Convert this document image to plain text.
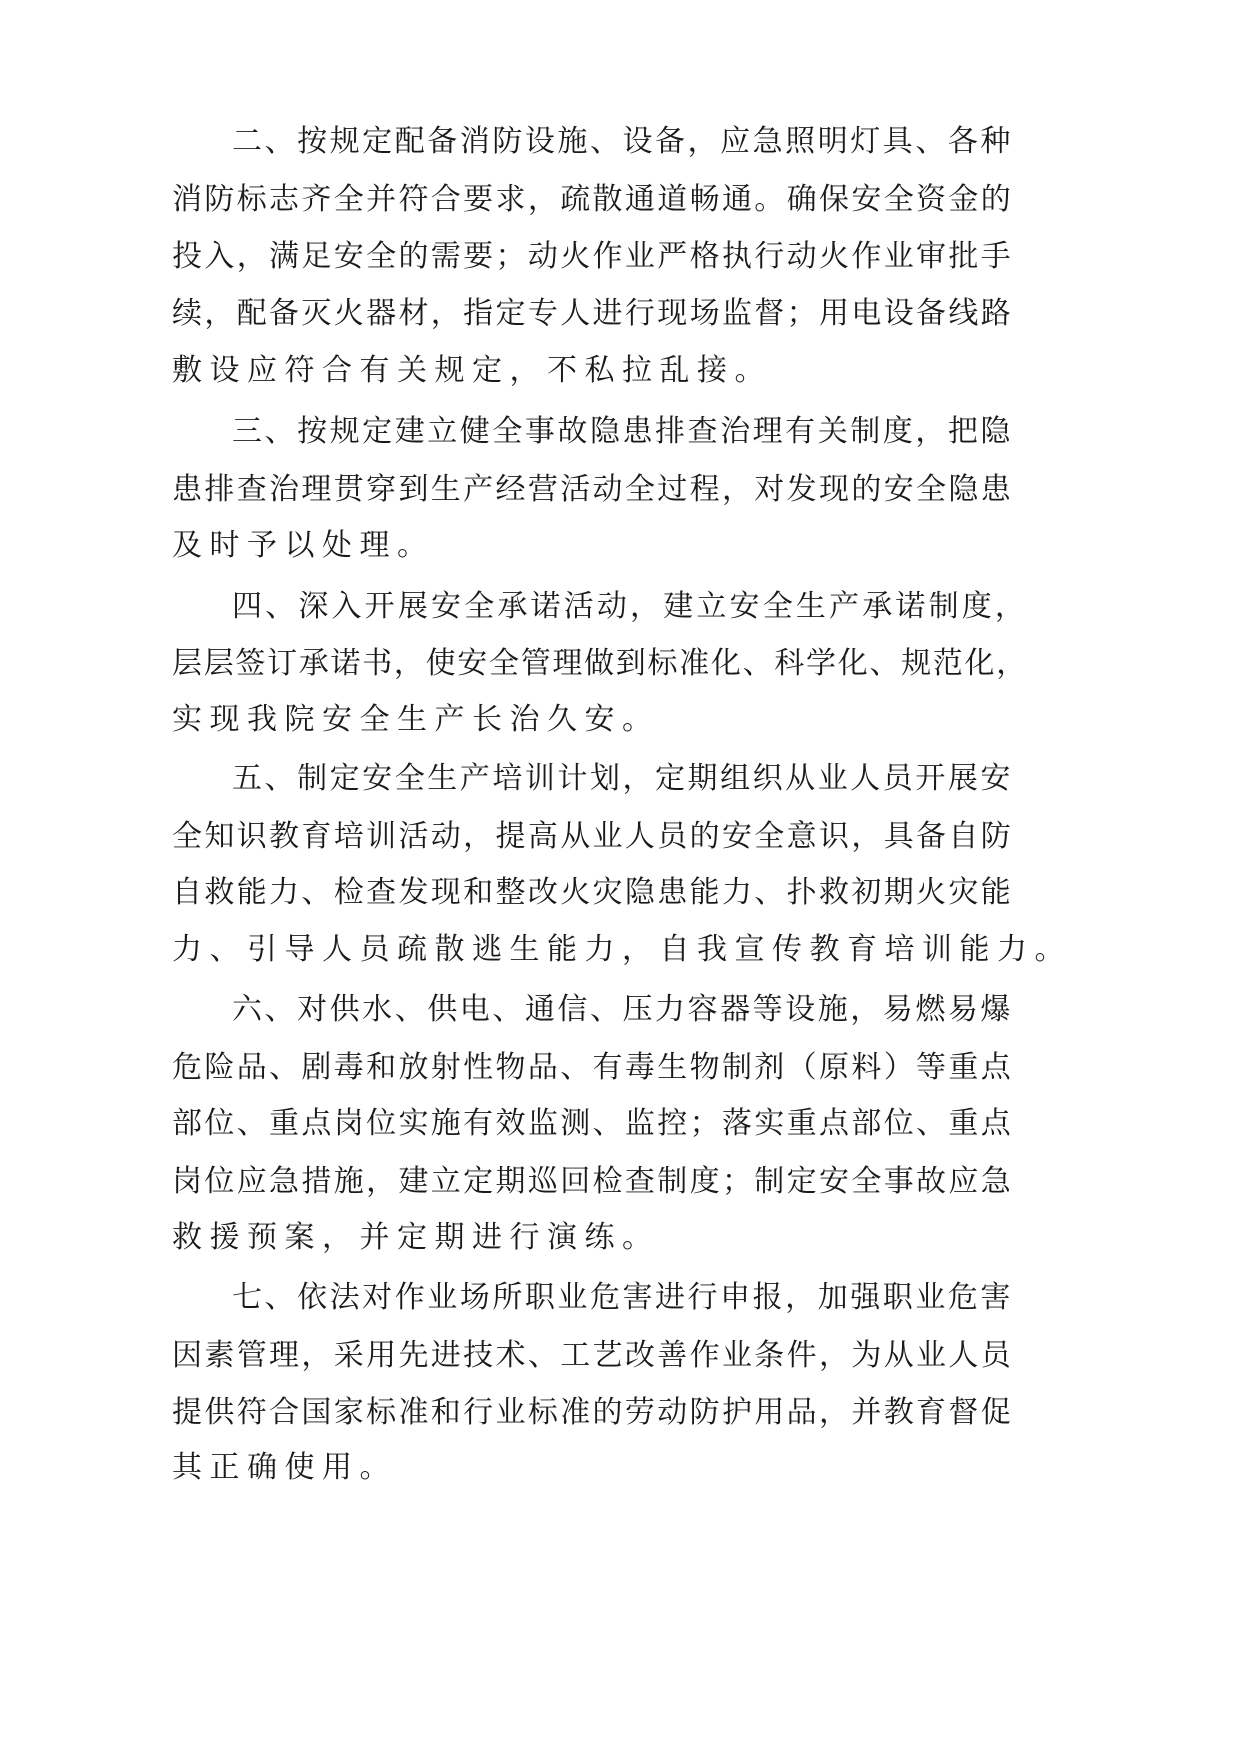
二、按规定配备消防设施、设备，应急照明灯具、各种
消防标志齐全并符合要求，疏散通道畅通。确保安全资金的
投入，满足安全的需要；动火作业严格执行动火作业审批手
续，配备灭火器材，指定专人进行现场监督；用电设备线路
敷设应符合有关规定，不私拉乱接。
三、按规定建立健全事故隐患排查治理有关制度，把隐
患排查治理贯穿到生产经营活动全过程，对发现的安全隐患
及时予以处理。
四、深入开展安全承诺活动，建立安全生产承诺制度，
层层签订承诺书，使安全管理做到标准化、科学化、规范化，
实现我院安全生产长治久安。
五、制定安全生产培训计划，定期组织从业人员开展安
全知识教育培训活动，提高从业人员的安全意识，具备自防
自救能力、检查发现和整改火灾隐患能力、扑救初期火灾能
力、引导人员疏散逃生能力，自我宣传教育培训能力。
六、对供水、供电、通信、压力容器等设施，易燃易爆
危险品、剧毒和放射性物品、有毒生物制剂（原料）等重点
部位、重点岗位实施有效监测、监控；落实重点部位、重点
岗位应急措施，建立定期巡回检查制度；制定安全事故应急
救援预案，并定期进行演练。
七、依法对作业场所职业危害进行申报，加强职业危害
因素管理，采用先进技术、工艺改善作业条件，为从业人员
提供符合国家标准和行业标准的劳动防护用品，并教育督促
其正确使用。
